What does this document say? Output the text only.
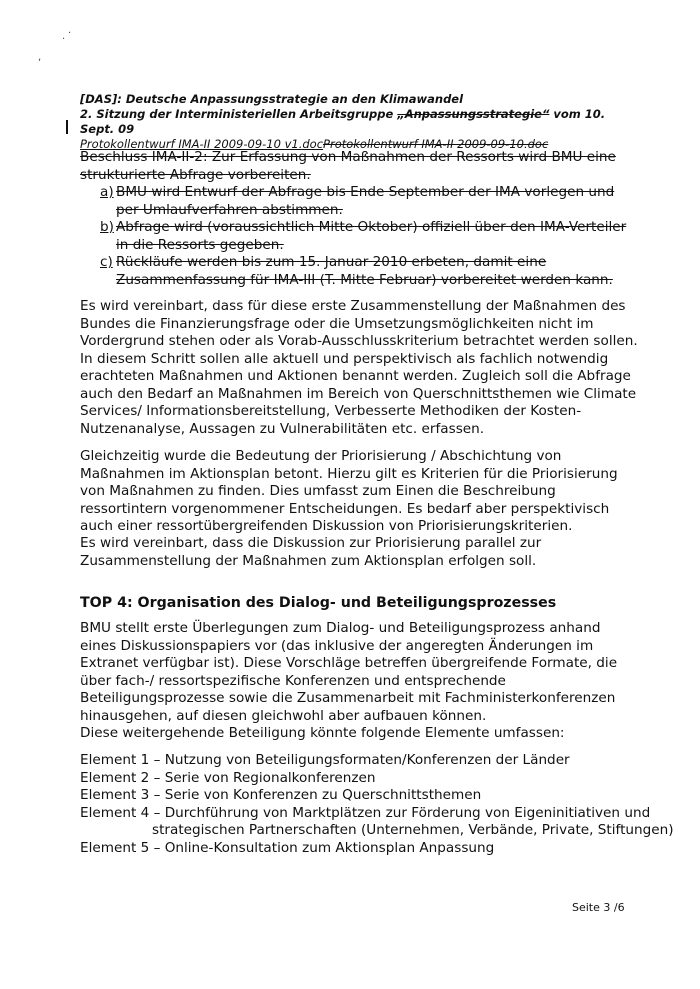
·
·
,
[DAS]: Deutsche Anpassungsstrategie an den Klimawandel
2. Sitzung der Interministeriellen Arbeitsgruppe „Anpassungsstrategie“ vom 10. Sept. 09
Protokollentwurf IMA-II 2009-09-10 v1.docProtokollentwurf IMA-II 2009-09-10.doc
Beschluss IMA-II-2: Zur Erfassung von Maßnahmen der Ressorts wird BMU eine strukturierte Abfrage vorbereiten.
a) BMU wird Entwurf der Abfrage bis Ende September der IMA vorlegen und per Umlaufverfahren abstimmen.
b) Abfrage wird (voraussichtlich Mitte Oktober) offiziell über den IMA-Verteiler in die Ressorts gegeben.
c) Rückläufe werden bis zum 15. Januar 2010 erbeten, damit eine Zusammenfassung für IMA-III (T. Mitte Februar) vorbereitet werden kann.
Es wird vereinbart, dass für diese erste Zusammenstellung der Maßnahmen des Bundes die Finanzierungsfrage oder die Umsetzungsmöglichkeiten nicht im Vordergrund stehen oder als Vorab-Ausschlusskriterium betrachtet werden sollen. In diesem Schritt sollen alle aktuell und perspektivisch als fachlich notwendig erachteten Maßnahmen und Aktionen benannt werden. Zugleich soll die Abfrage auch den Bedarf an Maßnahmen im Bereich von Querschnittsthemen wie Climate Services/ Informationsbereitstellung, Verbesserte Methodiken der Kosten-Nutzenanalyse, Aussagen zu Vulnerabilitäten etc. erfassen.
Gleichzeitig wurde die Bedeutung der Priorisierung / Abschichtung von Maßnahmen im Aktionsplan betont. Hierzu gilt es Kriterien für die Priorisierung von Maßnahmen zu finden. Dies umfasst zum Einen die Beschreibung ressortintern vorgenommener Entscheidungen. Es bedarf aber perspektivisch auch einer ressortübergreifenden Diskussion von Priorisierungskriterien.
Es wird vereinbart, dass die Diskussion zur Priorisierung parallel zur Zusammenstellung der Maßnahmen zum Aktionsplan erfolgen soll.
TOP 4: Organisation des Dialog- und Beteiligungsprozesses
BMU stellt erste Überlegungen zum Dialog- und Beteiligungsprozess anhand eines Diskussionspapiers vor (das inklusive der angeregten Änderungen im Extranet verfügbar ist). Diese Vorschläge betreffen übergreifende Formate, die über fach-/ ressortspezifische Konferenzen und entsprechende Beteiligungsprozesse sowie die Zusammenarbeit mit Fachministerkonferenzen hinausgehen, auf diesen gleichwohl aber aufbauen können.
Diese weitergehende Beteiligung könnte folgende Elemente umfassen:
Element 1 – Nutzung von Beteiligungsformaten/Konferenzen der Länder
Element 2 – Serie von Regionalkonferenzen
Element 3 – Serie von Konferenzen zu Querschnittsthemen
Element 4 – Durchführung von Marktplätzen zur Förderung von Eigeninitiativen und
strategischen Partnerschaften (Unternehmen, Verbände, Private, Stiftungen)
Element 5 – Online-Konsultation zum Aktionsplan Anpassung
Seite 3 /6
